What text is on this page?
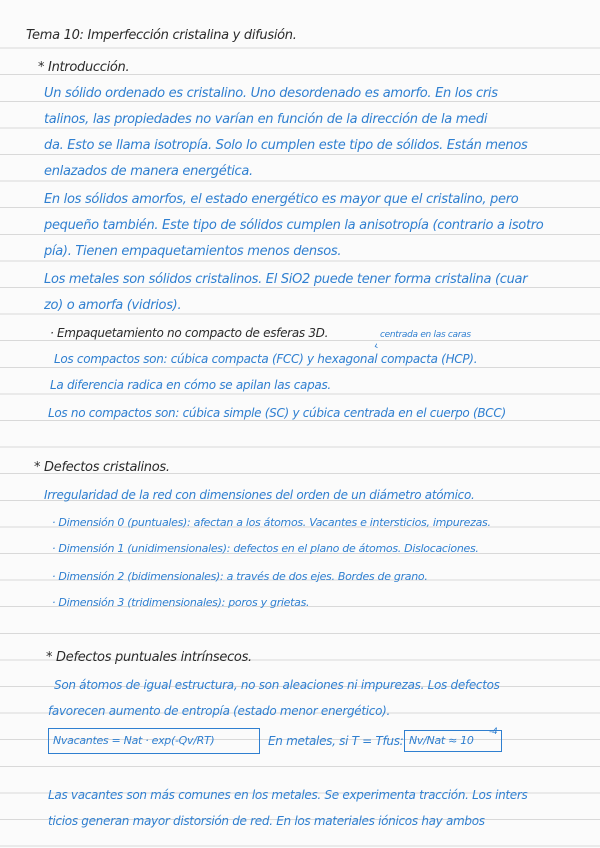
Tema 10: Imperfección cristalina y difusión.
* Introducción.
Un sólido ordenado es cristalino. Uno desordenado es amorfo. En los cris
talinos, las propiedades no varían en función de la dirección de la medi
da. Esto se llama isotropía. Solo lo cumplen este tipo de sólidos. Están menos
enlazados de manera energética.
En los sólidos amorfos, el estado energético es mayor que el cristalino, pero
pequeño también. Este tipo de sólidos cumplen la anisotropía (contrario a isotro
pía). Tienen empaquetamientos menos densos.
Los metales son sólidos cristalinos. El SiO2 puede tener forma cristalina (cuar
zo) o amorfa (vidrios).
· Empaquetamiento no compacto de esferas 3D.	centrada en las caras
‹
Los compactos son: cúbica compacta (FCC) y hexagonal compacta (HCP).
La diferencia radica en cómo se apilan las capas.
Los no compactos son: cúbica simple (SC) y cúbica centrada en el cuerpo (BCC)
* Defectos cristalinos.
Irregularidad de la red con dimensiones del orden de un diámetro atómico.
· Dimensión 0 (puntuales): afectan a los átomos. Vacantes e intersticios, impurezas.
· Dimensión 1 (unidimensionales): defectos en el plano de átomos. Dislocaciones.
· Dimensión 2 (bidimensionales): a través de dos ejes. Bordes de grano.
· Dimensión 3 (tridimensionales): poros y grietas.
* Defectos puntuales intrínsecos.
Son átomos de igual estructura, no son aleaciones ni impurezas. Los defectos
favorecen aumento de entropía (estado menor energético).
Nvacantes = Nat · exp(-Qv/RT)	En metales, si T = Tfus: Nv/Nat ≈ 10
-4
Las vacantes son más comunes en los metales. Se experimenta tracción. Los inters
ticios generan mayor distorsión de red. En los materiales iónicos hay ambos
